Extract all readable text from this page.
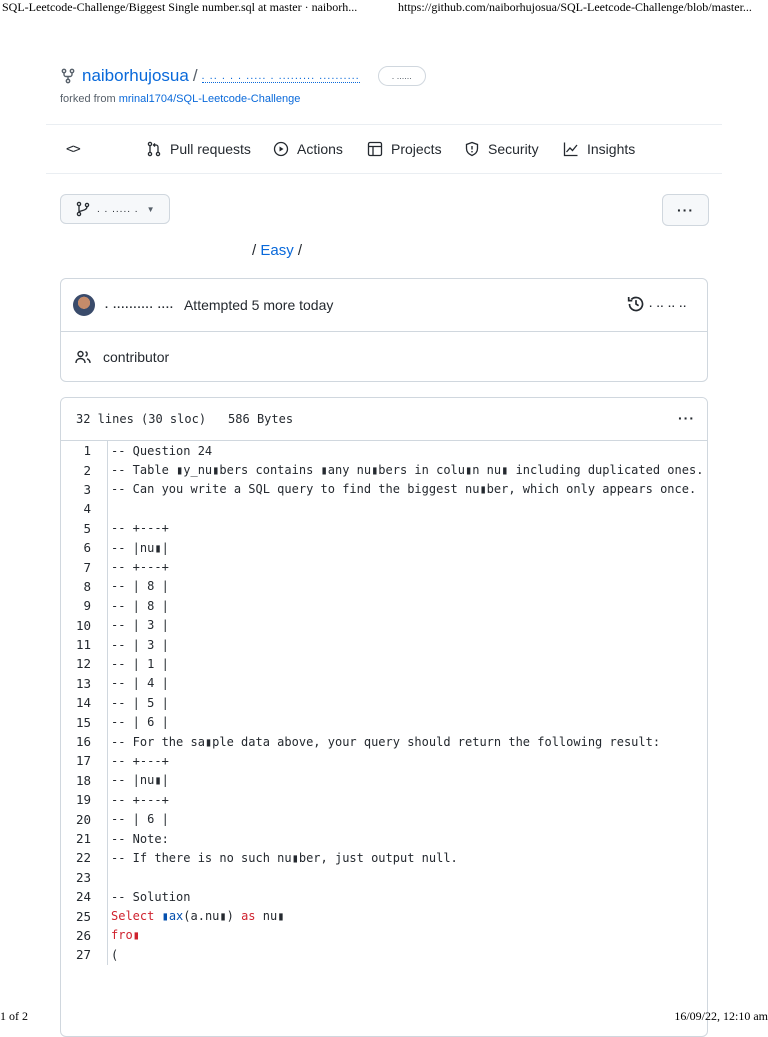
SQL-Leetcode-Challenge/Biggest Single number.sql at master · naiborh...	https://github.com/naiborhujosua/SQL-Leetcode-Challenge/blob/master...
naiborhujosua / . .. . . . ..... . ......... ..........	. ......
forked from mrinal1704/SQL-Leetcode-Challenge
<>	Pull requests	Actions	Projects	Security	Insights
. . ..... . ▼	···
/ Easy /
. .......... .... Attempted 5 more today	. .. .. ..
contributor
32 lines (30 sloc) 586 Bytes	···
1	-- Question 24
2	-- Table ▮y_nu▮bers contains ▮any nu▮bers in colu▮n nu▮ including duplicated ones.
3	-- Can you write a SQL query to find the biggest nu▮ber, which only appears once.
4
5	-- +---+
6	-- |nu▮|
7	-- +---+
8	-- | 8 |
9	-- | 8 |
10	-- | 3 |
11	-- | 3 |
12	-- | 1 |
13	-- | 4 |
14	-- | 5 |
15	-- | 6 |
16	-- For the sa▮ple data above, your query should return the following result:
17	-- +---+
18	-- |nu▮|
19	-- +---+
20	-- | 6 |
21	-- Note:
22	-- If there is no such nu▮ber, just output null.
23
24	-- Solution
25	Select ▮ax(a.nu▮) as nu▮
26	fro▮
27	(
1 of 2	16/09/22, 12:10 am
